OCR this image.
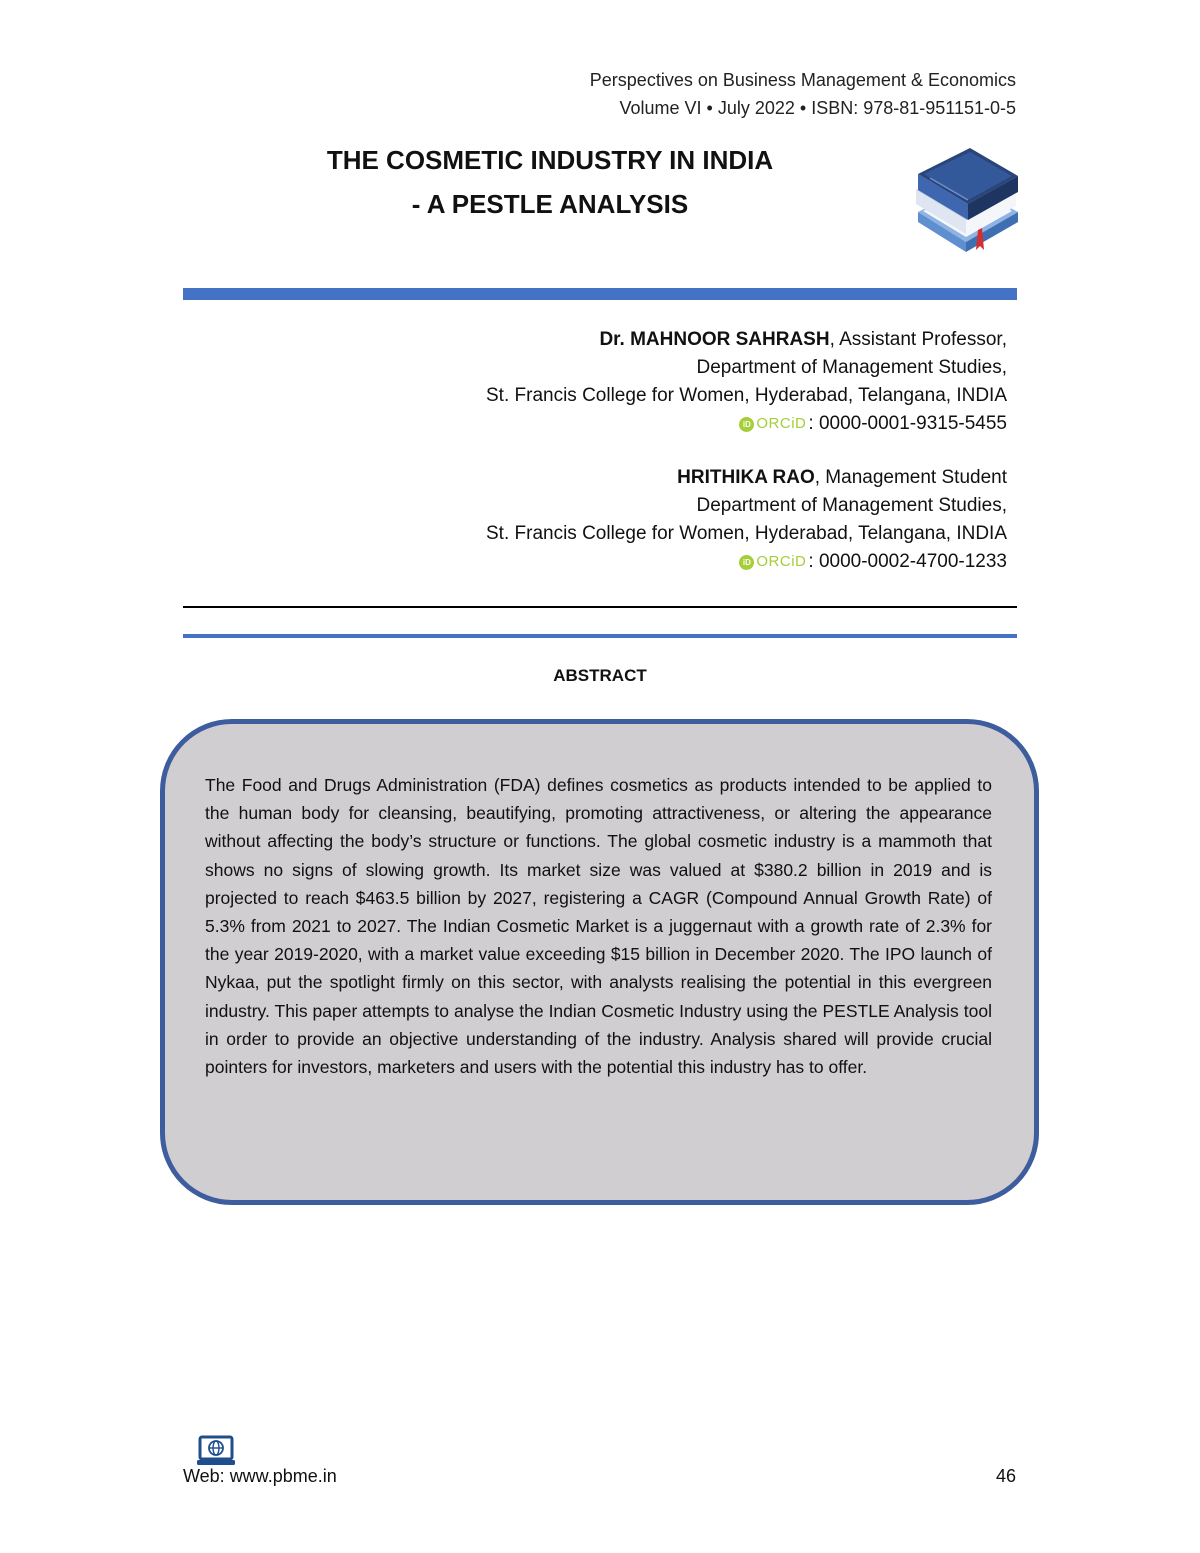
Perspectives on Business Management & Economics
Volume VI • July 2022 • ISBN: 978-81-951151-0-5
THE COSMETIC INDUSTRY IN INDIA
- A PESTLE ANALYSIS
Dr. MAHNOOR SAHRASH, Assistant Professor,
Department of Management Studies,
St. Francis College for Women, Hyderabad, Telangana, INDIA
iD ORCiD : 0000-0001-9315-5455
HRITHIKA RAO, Management Student
Department of Management Studies,
St. Francis College for Women, Hyderabad, Telangana, INDIA
iD ORCiD : 0000-0002-4700-1233
ABSTRACT

The Food and Drugs Administration (FDA) defines cosmetics as products intended to be applied to the human body for cleansing, beautifying, promoting attractiveness, or altering the appearance without affecting the body’s structure or functions. The global cosmetic industry is a mammoth that shows no signs of slowing growth. Its market size was valued at $380.2 billion in 2019 and is projected to reach $463.5 billion by 2027, registering a CAGR (Compound Annual Growth Rate) of 5.3% from 2021 to 2027. The Indian Cosmetic Market is a juggernaut with a growth rate of 2.3% for the year 2019-2020, with a market value exceeding $15 billion in December 2020. The IPO launch of Nykaa, put the spotlight firmly on this sector, with analysts realising the potential in this evergreen industry. This paper attempts to analyse the Indian Cosmetic Industry using the PESTLE Analysis tool in order to provide an objective understanding of the industry. Analysis shared will provide crucial pointers for investors, marketers and users with the potential this industry has to offer.

Web: www.pbme.in	46
